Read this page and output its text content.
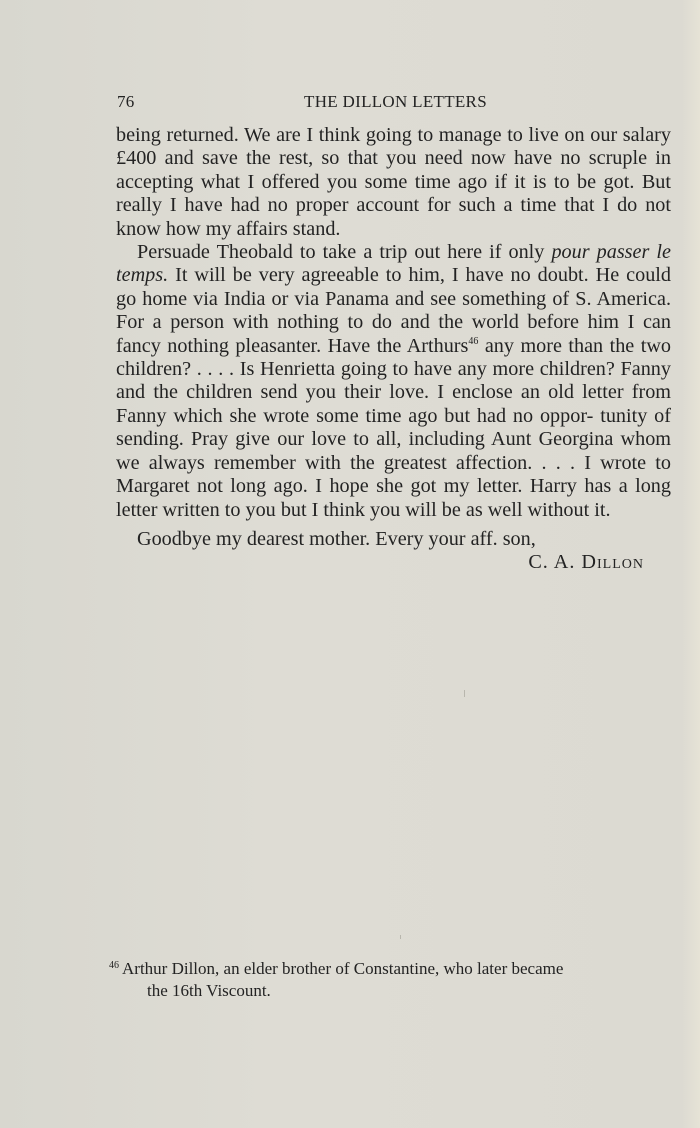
76	THE DILLON LETTERS

being returned. We are I think going to manage to live on our salary £400 and save the rest, so that you need now have no scruple in accepting what I offered you some time ago if it is to be got. But really I have had no proper account for such a time that I do not know how my affairs stand.

Persuade Theobald to take a trip out here if only pour passer le temps. It will be very agreeable to him, I have no doubt. He could go home via India or via Panama and see something of S. America. For a person with nothing to do and the world before him I can fancy nothing pleasanter. Have the Arthurs$^{46}$ any more than the two children? . . . . Is Henrietta going to have any more children? Fanny and the children send you their love. I enclose an old letter from Fanny which she wrote some time ago but had no oppor- tunity of sending. Pray give our love to all, including Aunt Georgina whom we always remember with the greatest affection. . . . I wrote to Margaret not long ago. I hope she got my letter. Harry has a long letter written to you but I think you will be as well without it.

Goodbye my dearest mother. Every your aff. son,

C. A. Dillon

$^{46}$ Arthur Dillon, an elder brother of Constantine, who later became
the 16th Viscount.
